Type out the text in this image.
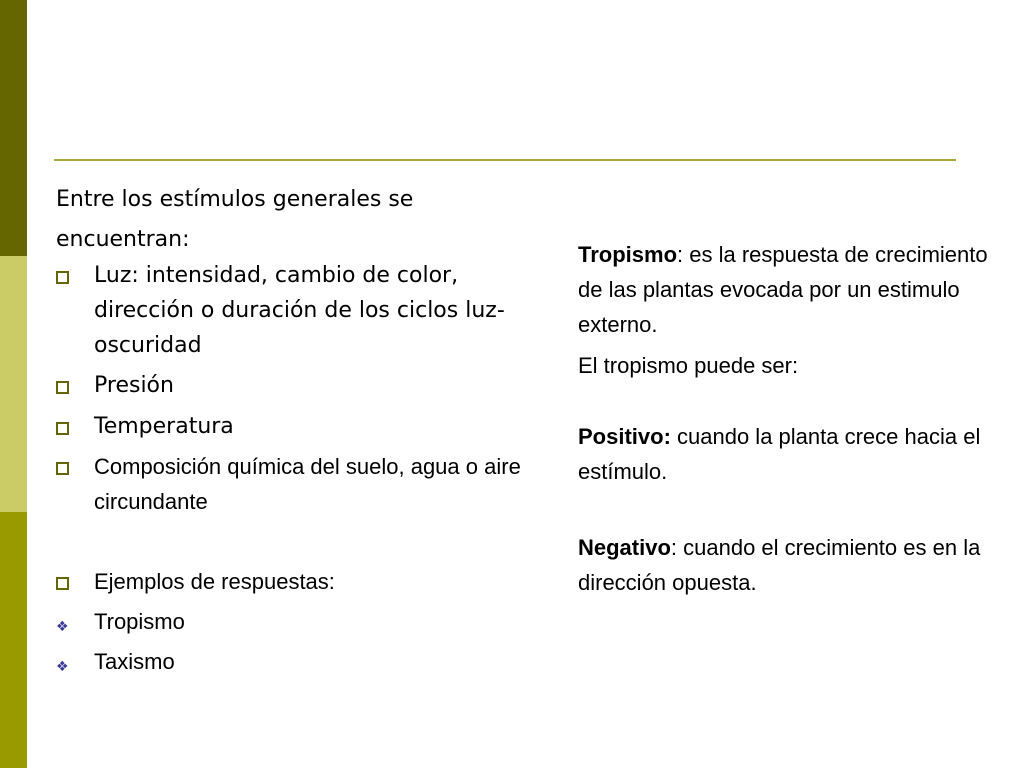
Entre los estímulos generales se
encuentran:
Luz: intensidad, cambio de color, dirección o duración de los ciclos luz-oscuridad
Presión
Temperatura
Composición química del suelo, agua o aire circundante
Ejemplos de respuestas:
❖ Tropismo
❖ Taxismo

Tropismo: es la respuesta de crecimiento de las plantas evocada por un estimulo externo.

El tropismo puede ser:

Positivo: cuando la planta crece hacia el estímulo.

Negativo: cuando el crecimiento es en la dirección opuesta.
